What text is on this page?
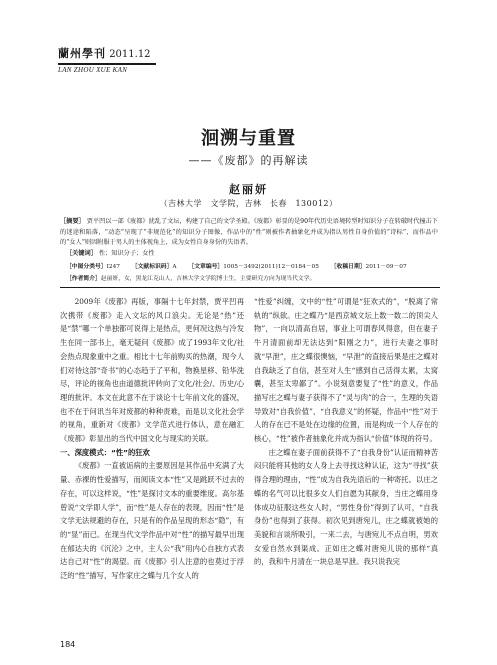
蘭州學刊 2011.12
LAN ZHOU XUE KAN
洄溯与重置
——《废都》的再解读
赵丽妍
（吉林大学　文学院，吉林　长春　130012）
［摘要］ 贾平凹以一部《废都》扰乱了文坛，构建了自己的文学圣殿。《废都》彰显的是90年代历史语境转型时知识分子在转破时代撞击下的迷途和陷落，“动态”呈现了“非规范化”的知识分子图像，作品中的“性”则被作者抽象化并成为指认男性自身价值的“诗标”，而作品中的“女人”则因附服于男人的主体视角上，成为女性自身身份的失语者。
［关键词］ 性；知识分子；女性
［中图分类号］I247 ［文献标识码］A ［文章编号］1005－3492(2011)12－0184－05 ［收稿日期］2011－09－07
［作者简介］赵丽妍，女，黑龙江克山人，吉林大学文学院博士生，主要研究方向为现当代文学。

2009年《废都》再版，事隔十七年封禁，贾平凹再次携带《废都》走入文坛的风口浪尖。无论是“热”还是“禁”哪一个单独都可说得上是热点，更何况这热与冷发生在同一部书上，毫无疑问《废都》成了1993年文化/社会热点现象重中之重。相比十七年前购买的热潮，现今人们对待这部“奇书”的心态趋于了平和，物换星移、铅华洗尽，评论的视角也由道德批评转向了文化/社会/、历史/心理的批评。本文在此意不在于谈论十七年前文化的盛况，也不在于问讯当年对废都的种种责难，而是以文化社会学的视角，重新对《废都》文学范式进行体认，意在融汇《废都》彰显出的当代中国文化与现实的关联。

一、深度模式：“性”的狂欢

《废都》一直被诟病的主要原因是其作品中充满了大量、赤裸的性爱描写，而阅读文本“性”又是跳跃不过去的存在，可以这样说，“性”是探讨文本的重要维度。高尔基曾说“文学即人学”，而“性”是人存在的表现，因而“性”是文学无法规避的存在，只是有的作品呈现的形态“隐”，有的“显”而已。在现当代文学作品中对“性”的描写最早出现在郁达夫的《沉沦》之中，主人公“我”用内心自独方式表达自己对“性”的渴望。而《废都》引人注意的也莫过于浮泛的“性”描写，写作家庄之蝶与几个女人的

“性爱”纠缠，文中的“性”可谓是“狂欢式的”，“脱离了常轨的”纵欲。庄之蝶乃“是西京城文坛上数一数二的顶尖人物”，一向以清高自居，事业上可谓春风得意，但在妻子牛月清面前却无法达到“阳刚之力”，进行夫妻之事时就“早泄”，庄之蝶很懊恼，“早泄”的直接后果是庄之蝶对自我缺乏了自信，甚至对人生“感到自己活得太累，太窝囊，甚至太卑鄙了”。小说刻意要复了“性”的意义，作品描写庄之蝶与妻子获得不了“灵与肉”的合一，生理的失语导致对“自我价值”、“自我意义”的怀疑，作品中“性”对于人的存在已不是处在边缘的位置，而是构成一个人存在的核心，“性”被作者抽象化并成为指认“价值”体现的符号。

庄之蝶在妻子面前获得不了“自我身份”认证而精神苦闷只能将其他的女人身上去寻找这种认证，这为“寻找”获得合理的理由，“性”成为自我先语后的一种寄托。以庄之蝶的名气可以比很多女人们自愿为其献身，当庄之蝶用身体成功征服这些女人时，“男性身份”得到了认可，“自我身份”也得到了获得。初次见到唐宛儿，庄之蝶就被她的美貌和言谈所吸引，一来二去，与唐宛儿不点自明，男欢女爱自然水到渠成。正如庄之蝶对唐宛儿说的那样“真的，我和牛月清在一块总是早泄。我只说我完

184
